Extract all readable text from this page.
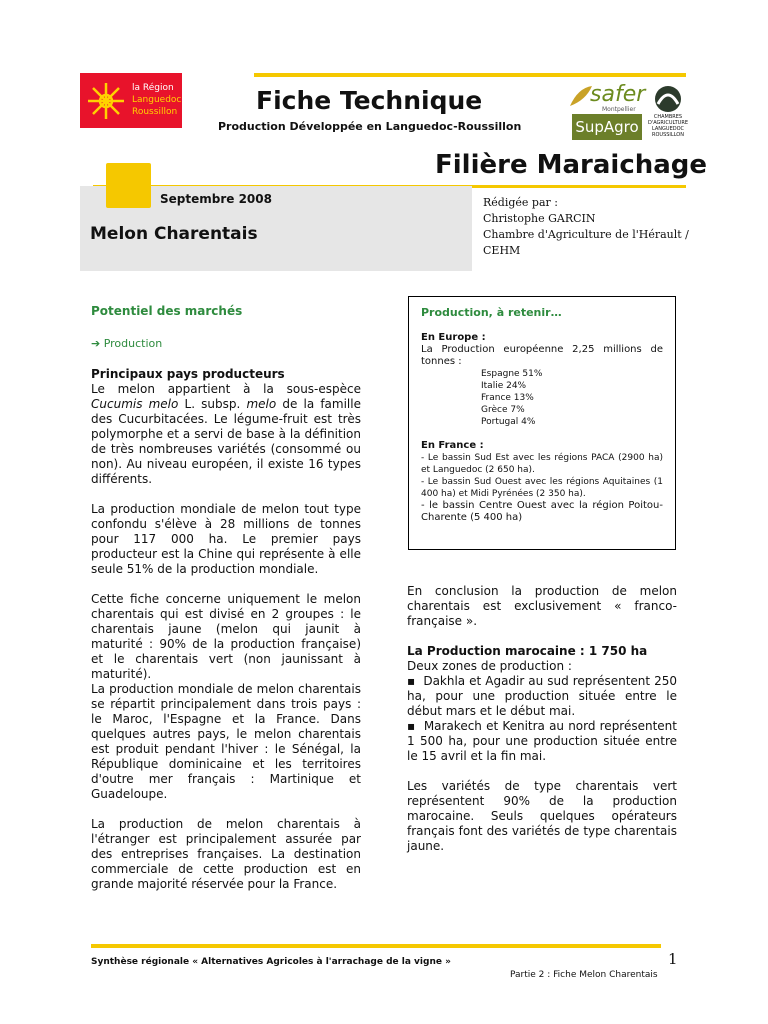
la Région
Languedoc
Roussillon	Fiche Technique
Production Développée en Languedoc-Roussillon
safer
Montpellier
SupAgro
CHAMBRES D'AGRICULTURE LANGUEDOC ROUSSILLON
Filière Maraichage
Septembre 2008
Melon Charentais
Rédigée par :
Christophe GARCIN
Chambre d'Agriculture de l'Hérault /
CEHM
Potentiel des marchés
➔ Production
Principaux pays producteurs

Le melon appartient à la sous-espèce Cucumis melo L. subsp. melo de la famille des Cucurbitacées. Le légume-fruit est très polymorphe et a servi de base à la définition de très nombreuses variétés (consommé ou non). Au niveau européen, il existe 16 types différents.

La production mondiale de melon tout type confondu s'élève à 28 millions de tonnes pour 117 000 ha. Le premier pays producteur est la Chine qui représente à elle seule 51% de la production mondiale.

Cette fiche concerne uniquement le melon charentais qui est divisé en 2 groupes : le charentais jaune (melon qui jaunit à maturité : 90% de la production française) et le charentais vert (non jaunissant à maturité).

La production mondiale de melon charentais se répartit principalement dans trois pays : le Maroc, l'Espagne et la France. Dans quelques autres pays, le melon charentais est produit pendant l'hiver : le Sénégal, la République dominicaine et les territoires d'outre mer français : Martinique et Guadeloupe.

La production de melon charentais à l'étranger est principalement assurée par des entreprises françaises. La destination commerciale de cette production est en grande majorité réservée pour la France.

Production, à retenir…
En Europe :
La Production européenne 2,25 millions de tonnes :
Espagne 51%
Italie 24%
France 13%
Grèce 7%
Portugal 4%
En France :
- Le bassin Sud Est avec les régions PACA (2900 ha) et Languedoc (2 650 ha).
- Le bassin Sud Ouest avec les régions Aquitaines (1 400 ha) et Midi Pyrénées (2 350 ha).
- le bassin Centre Ouest avec la région Poitou- Charente (5 400 ha)

En conclusion la production de melon charentais est exclusivement « franco-française ».

La Production marocaine : 1 750 ha
Deux zones de production :
▪  Dakhla et Agadir au sud représentent 250 ha, pour une production située entre le début mars et le début mai.

▪  Marakech et Kenitra au nord représentent 1 500 ha, pour une production située entre le 15 avril et la fin mai.

Les variétés de type charentais vert représentent 90% de la production marocaine. Seuls quelques opérateurs français font des variétés de type charentais jaune.

Synthèse régionale « Alternatives Agricoles à l'arrachage de la vigne »	1
Partie 2 : Fiche Melon Charentais
